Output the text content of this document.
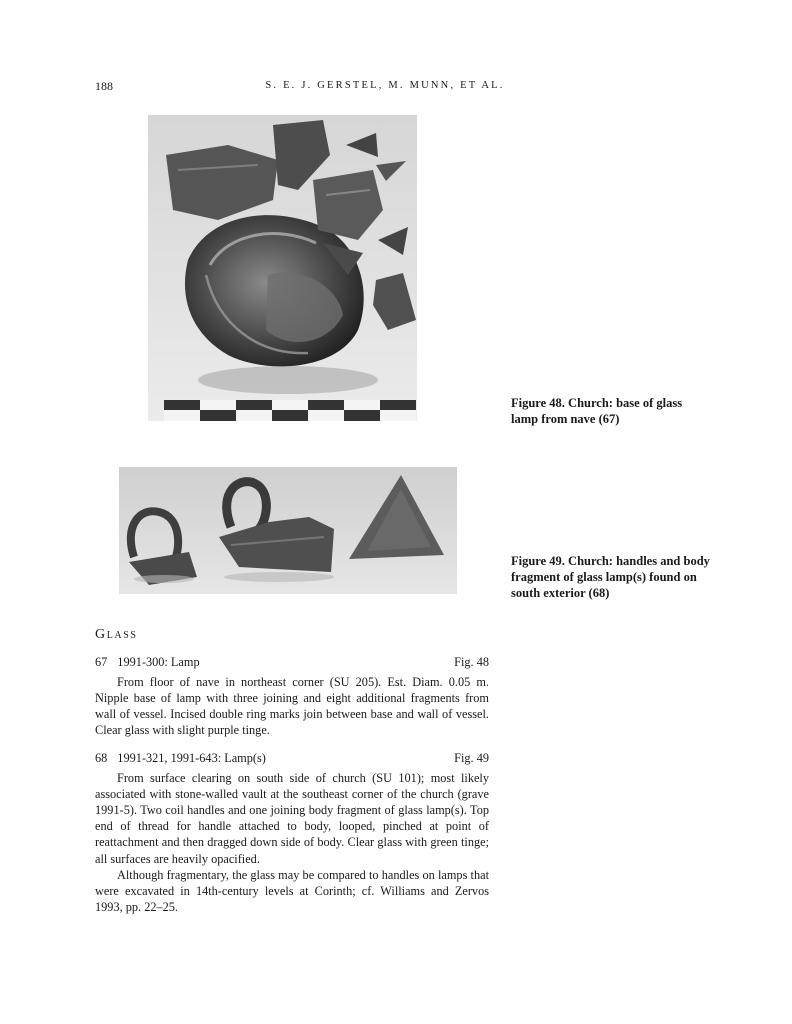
188	S. E. J. GERSTEL, M. MUNN, ET AL.
Figure 48. Church: base of glass lamp from nave (67)
Figure 49. Church: handles and body fragment of glass lamp(s) found on south exterior (68)
Glass
67 1991-300: Lamp	Fig. 48

From floor of nave in northeast corner (SU 205). Est. Diam. 0.05 m. Nipple base of lamp with three joining and eight additional fragments from wall of vessel. Incised double ring marks join between base and wall of vessel. Clear glass with slight purple tinge.

68 1991-321, 1991-643: Lamp(s)	Fig. 49

From surface clearing on south side of church (SU 101); most likely associated with stone-walled vault at the southeast corner of the church (grave 1991-5). Two coil handles and one joining body fragment of glass lamp(s). Top end of thread for handle attached to body, looped, pinched at point of reattachment and then dragged down side of body. Clear glass with green tinge; all surfaces are heavily opacified.

Although fragmentary, the glass may be compared to handles on lamps that were excavated in 14th-century levels at Corinth; cf. Williams and Zervos 1993, pp. 22–25.
